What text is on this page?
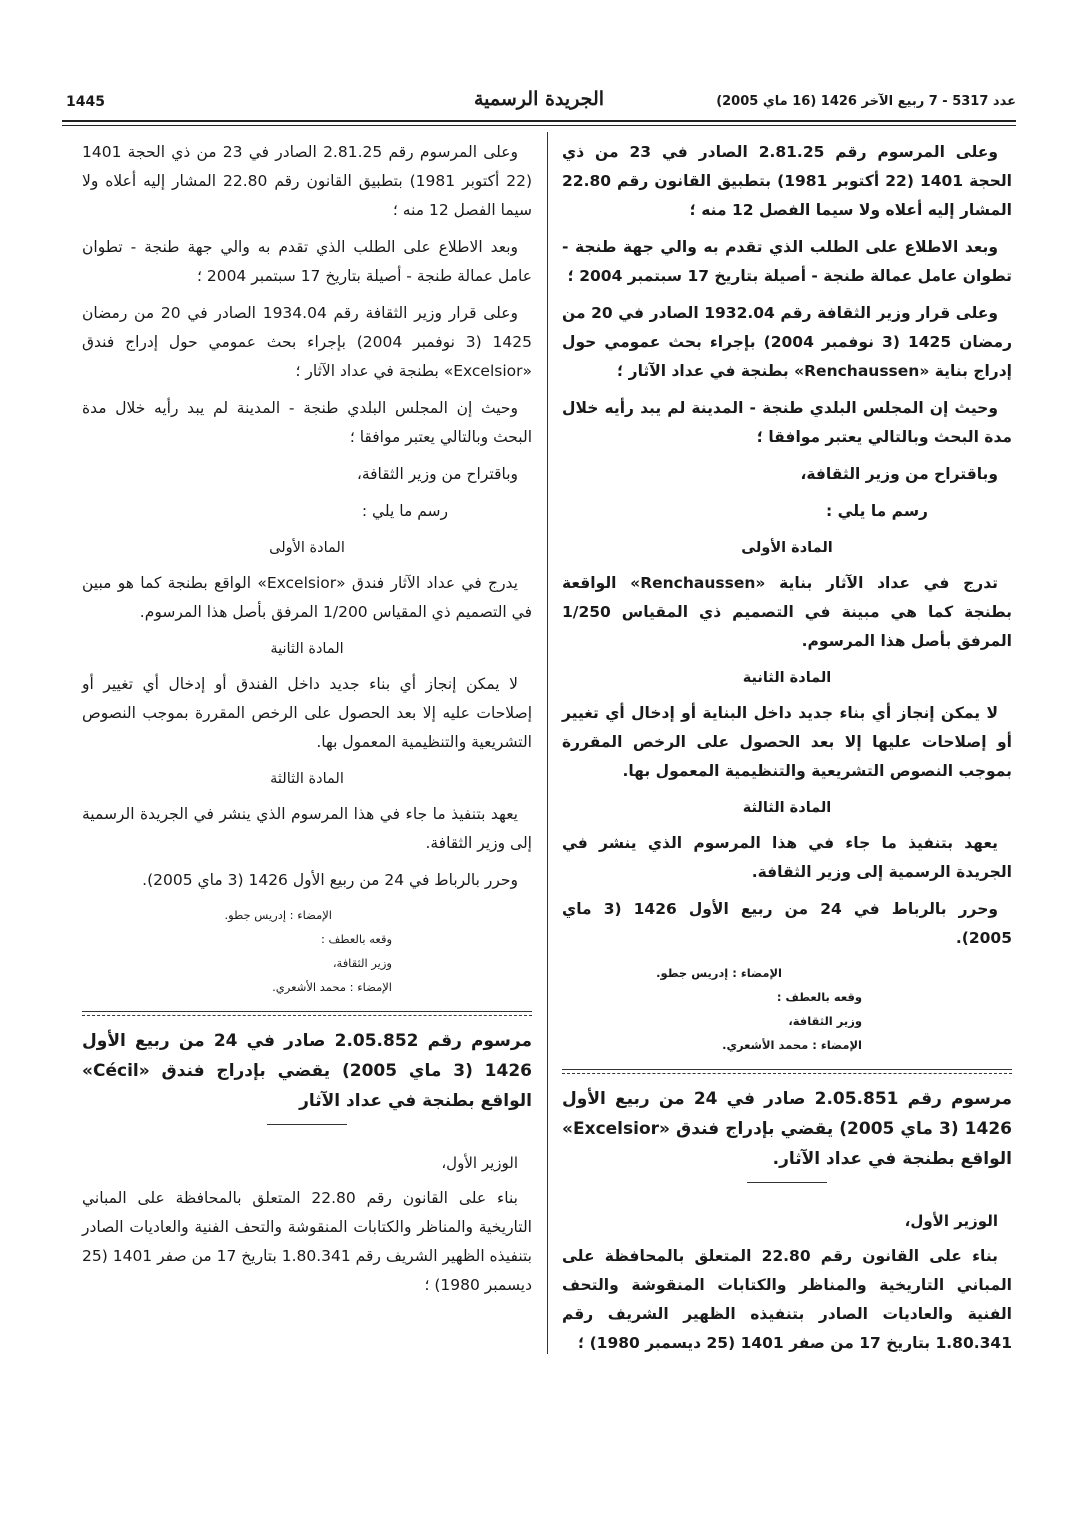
عدد 5317 - 7 ربيع الآخر 1426 (16 ماي 2005)
الجريدة الرسمية
1445

وعلى المرسوم رقم 2.81.25 الصادر في 23 من ذي الحجة 1401 (22 أكتوبر 1981) بتطبيق القانون رقم 22.80 المشار إليه أعلاه ولا سيما الفصل 12 منه ؛

وبعد الاطلاع على الطلب الذي تقدم به والي جهة طنجة - تطوان عامل عمالة طنجة - أصيلة بتاريخ 17 سبتمبر 2004 ؛

وعلى قرار وزير الثقافة رقم 1932.04 الصادر في 20 من رمضان 1425 (3 نوفمبر 2004) بإجراء بحث عمومي حول إدراج بناية «Renchaussen» بطنجة في عداد الآثار ؛

وحيث إن المجلس البلدي طنجة - المدينة لم يبد رأيه خلال مدة البحث وبالتالي يعتبر موافقا ؛

وباقتراح من وزير الثقافة،

رسم ما يلي :

المادة الأولى

تدرج في عداد الآثار بناية «Renchaussen» الواقعة بطنجة كما هي مبينة في التصميم ذي المقياس 1/250 المرفق بأصل هذا المرسوم.

المادة الثانية

لا يمكن إنجاز أي بناء جديد داخل البناية أو إدخال أي تغيير أو إصلاحات عليها إلا بعد الحصول على الرخص المقررة بموجب النصوص التشريعية والتنظيمية المعمول بها.

المادة الثالثة

يعهد بتنفيذ ما جاء في هذا المرسوم الذي ينشر في الجريدة الرسمية إلى وزير الثقافة.

وحرر بالرباط في 24 من ربيع الأول 1426 (3 ماي 2005).

الإمضاء : إدريس جطو.

وقعه بالعطف :

وزير الثقافة،

الإمضاء : محمد الأشعري.

مرسوم رقم 2.05.851 صادر في 24 من ربيع الأول 1426 (3 ماي 2005) يقضي بإدراج فندق «Excelsior» الواقع بطنجة في عداد الآثار.

الوزير الأول،

بناء على القانون رقم 22.80 المتعلق بالمحافظة على المباني التاريخية والمناظر والكتابات المنقوشة والتحف الفنية والعاديات الصادر بتنفيذه الظهير الشريف رقم 1.80.341 بتاريخ 17 من صفر 1401 (25 ديسمبر 1980) ؛

وعلى المرسوم رقم 2.81.25 الصادر في 23 من ذي الحجة 1401 (22 أكتوبر 1981) بتطبيق القانون رقم 22.80 المشار إليه أعلاه ولا سيما الفصل 12 منه ؛

وبعد الاطلاع على الطلب الذي تقدم به والي جهة طنجة - تطوان عامل عمالة طنجة - أصيلة بتاريخ 17 سبتمبر 2004 ؛

وعلى قرار وزير الثقافة رقم 1934.04 الصادر في 20 من رمضان 1425 (3 نوفمبر 2004) بإجراء بحث عمومي حول إدراج فندق «Excelsior» بطنجة في عداد الآثار ؛

وحيث إن المجلس البلدي طنجة - المدينة لم يبد رأيه خلال مدة البحث وبالتالي يعتبر موافقا ؛

وباقتراح من وزير الثقافة،

رسم ما يلي :

المادة الأولى

يدرج في عداد الآثار فندق «Excelsior» الواقع بطنجة كما هو مبين في التصميم ذي المقياس 1/200 المرفق بأصل هذا المرسوم.

المادة الثانية

لا يمكن إنجاز أي بناء جديد داخل الفندق أو إدخال أي تغيير أو إصلاحات عليه إلا بعد الحصول على الرخص المقررة بموجب النصوص التشريعية والتنظيمية المعمول بها.

المادة الثالثة

يعهد بتنفيذ ما جاء في هذا المرسوم الذي ينشر في الجريدة الرسمية إلى وزير الثقافة.

وحرر بالرباط في 24 من ربيع الأول 1426 (3 ماي 2005).

الإمضاء : إدريس جطو.

وقعه بالعطف :

وزير الثقافة،

الإمضاء : محمد الأشعري.

مرسوم رقم 2.05.852 صادر في 24 من ربيع الأول 1426 (3 ماي 2005) يقضي بإدراج فندق «Cécil» الواقع بطنجة في عداد الآثار

الوزير الأول،

بناء على القانون رقم 22.80 المتعلق بالمحافظة على المباني التاريخية والمناظر والكتابات المنقوشة والتحف الفنية والعاديات الصادر بتنفيذه الظهير الشريف رقم 1.80.341 بتاريخ 17 من صفر 1401 (25 ديسمبر 1980) ؛
